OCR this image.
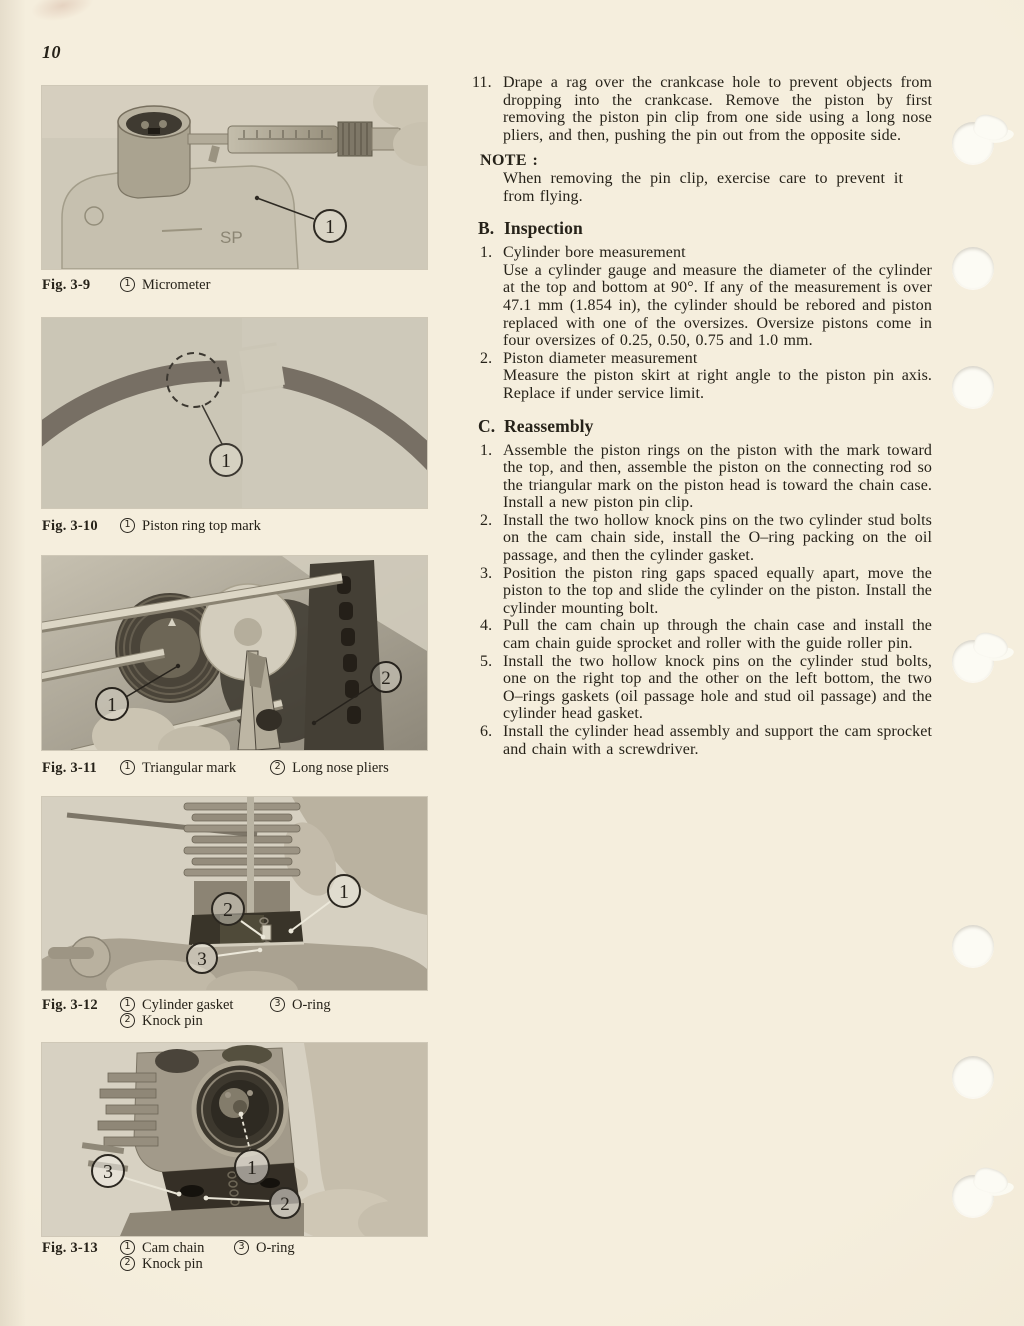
10
SP	1
Fig. 3-9	1 Micrometer
1
Fig. 3-10	1 Piston ring top mark
1
2
Fig. 3-11	1 Triangular mark	2 Long nose pliers
2
3
1
Fig. 3-12	1 Cylinder gasket	3 O-ring
2 Knock pin
1
2
3
Fig. 3-13	1 Cam chain	3 O-ring
2 Knock pin
11. Drape a rag over the crankcase hole to prevent objects from dropping into the crankcase. Remove the piston by first removing the piston pin clip from one side using a long nose pliers, and then, pushing the pin out from the opposite side.
NOTE :
When removing the pin clip, exercise care to prevent it from flying.
B. Inspection
1. Cylinder bore measurement
Use a cylinder gauge and measure the diameter of the cylinder at the top and bottom at 90°. If any of the measurement is over 47.1 mm (1.854 in), the cylinder should be rebored and piston replaced with one of the oversizes. Oversize pistons come in four oversizes of 0.25, 0.50, 0.75 and 1.0 mm.
2. Piston diameter measurement
Measure the piston skirt at right angle to the piston pin axis. Replace if under service limit.
C. Reassembly
1. Assemble the piston rings on the piston with the mark toward the top, and then, assemble the piston on the connecting rod so the triangular mark on the piston head is toward the chain case. Install a new piston pin clip.
2. Install the two hollow knock pins on the two cylinder stud bolts on the cam chain side, install the O–ring packing on the oil passage, and then the cylinder gasket.
3. Position the piston ring gaps spaced equally apart, move the piston to the top and slide the cylinder on the piston. Install the cylinder mounting bolt.
4. Pull the cam chain up through the chain case and install the cam chain guide sprocket and roller with the guide roller pin.
5. Install the two hollow knock pins on the cylinder stud bolts, one on the right top and the other on the left bottom, the two O–rings gaskets (oil passage hole and stud oil passage) and the cylinder head gasket.
6. Install the cylinder head assembly and support the cam sprocket and chain with a screwdriver.
